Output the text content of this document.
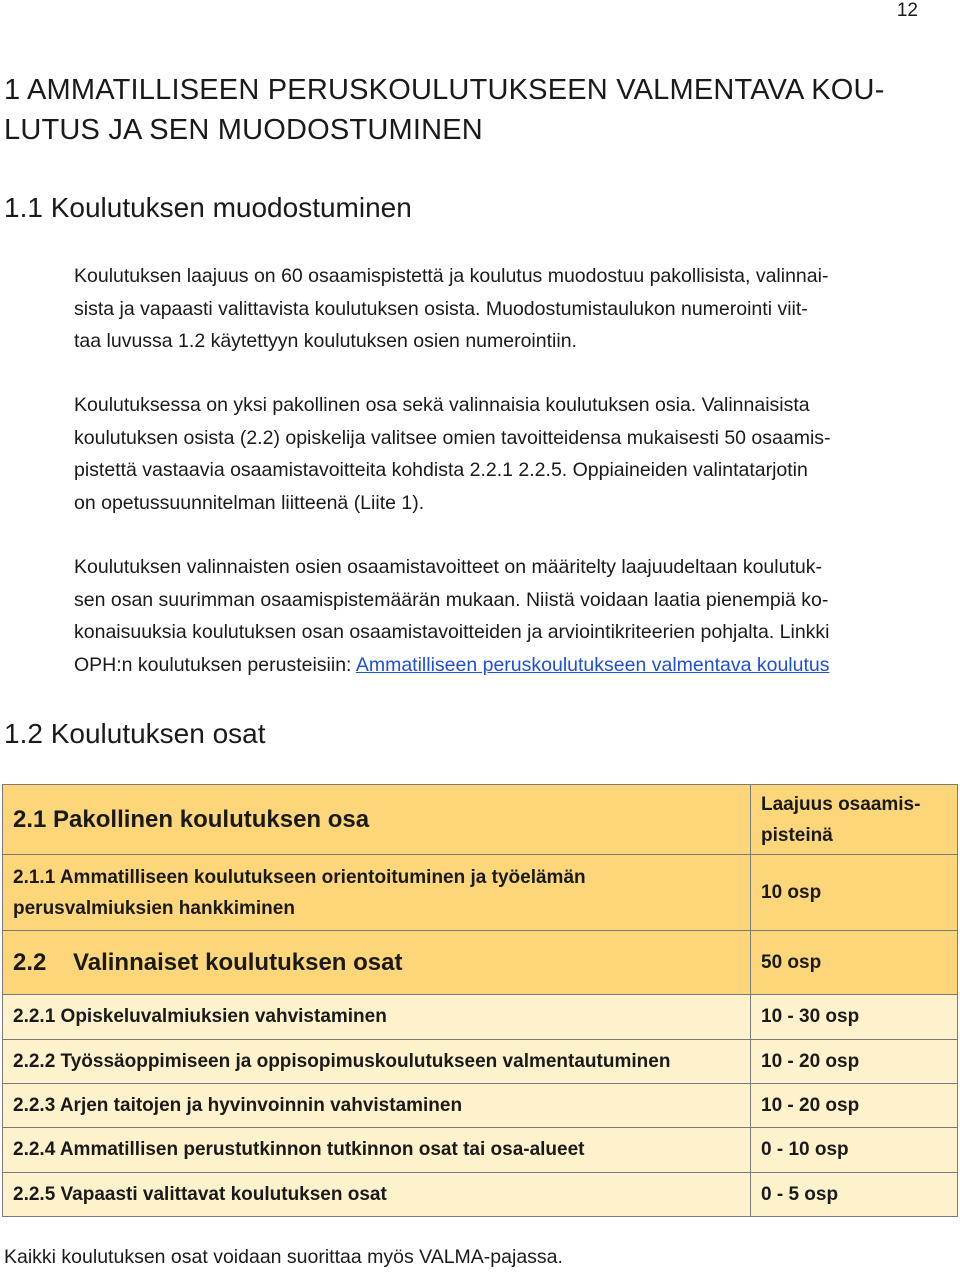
12
1 AMMATILLISEEN PERUSKOULUTUKSEEN VALMENTAVA KOU-
LUTUS JA SEN MUODOSTUMINEN
1.1 Koulutuksen muodostuminen
Koulutuksen laajuus on 60 osaamispistettä ja koulutus muodostuu pakollisista, valinnai-
sista ja vapaasti valittavista koulutuksen osista. Muodostumistaulukon numerointi viit-
taa luvussa 1.2 käytettyyn koulutuksen osien numerointiin.
Koulutuksessa on yksi pakollinen osa sekä valinnaisia koulutuksen osia. Valinnaisista
koulutuksen osista (2.2) opiskelija valitsee omien tavoitteidensa mukaisesti 50 osaamis-
pistettä vastaavia osaamistavoitteita kohdista 2.2.1 2.2.5. Oppiaineiden valintatarjotin
on opetussuunnitelman liitteenä (Liite 1).
Koulutuksen valinnaisten osien osaamistavoitteet on määritelty laajuudeltaan koulutuk-
sen osan suurimman osaamispistemäärän mukaan. Niistä voidaan laatia pienempiä ko-
konaisuuksia koulutuksen osan osaamistavoitteiden ja arviointikriteerien pohjalta. Linkki
OPH:n koulutuksen perusteisiin: Ammatilliseen peruskoulutukseen valmentava koulutus
1.2 Koulutuksen osat
2.1 Pakollinen koulutuksen osa	Laajuus osaamis-
pisteinä

2.1.1 Ammatilliseen koulutukseen orientoituminen ja työelämän
perusvalmiuksien hankkiminen	10 osp
2.2    Valinnaiset koulutuksen osat	50 osp
2.2.1 Opiskeluvalmiuksien vahvistaminen	10 - 30 osp
2.2.2 Työssäoppimiseen ja oppisopimuskoulutukseen valmentautuminen	10 - 20 osp
2.2.3 Arjen taitojen ja hyvinvoinnin vahvistaminen	10 - 20 osp
2.2.4 Ammatillisen perustutkinnon tutkinnon osat tai osa-alueet	0 - 10 osp
2.2.5 Vapaasti valittavat koulutuksen osat	0 - 5 osp
Kaikki koulutuksen osat voidaan suorittaa myös VALMA-pajassa.
